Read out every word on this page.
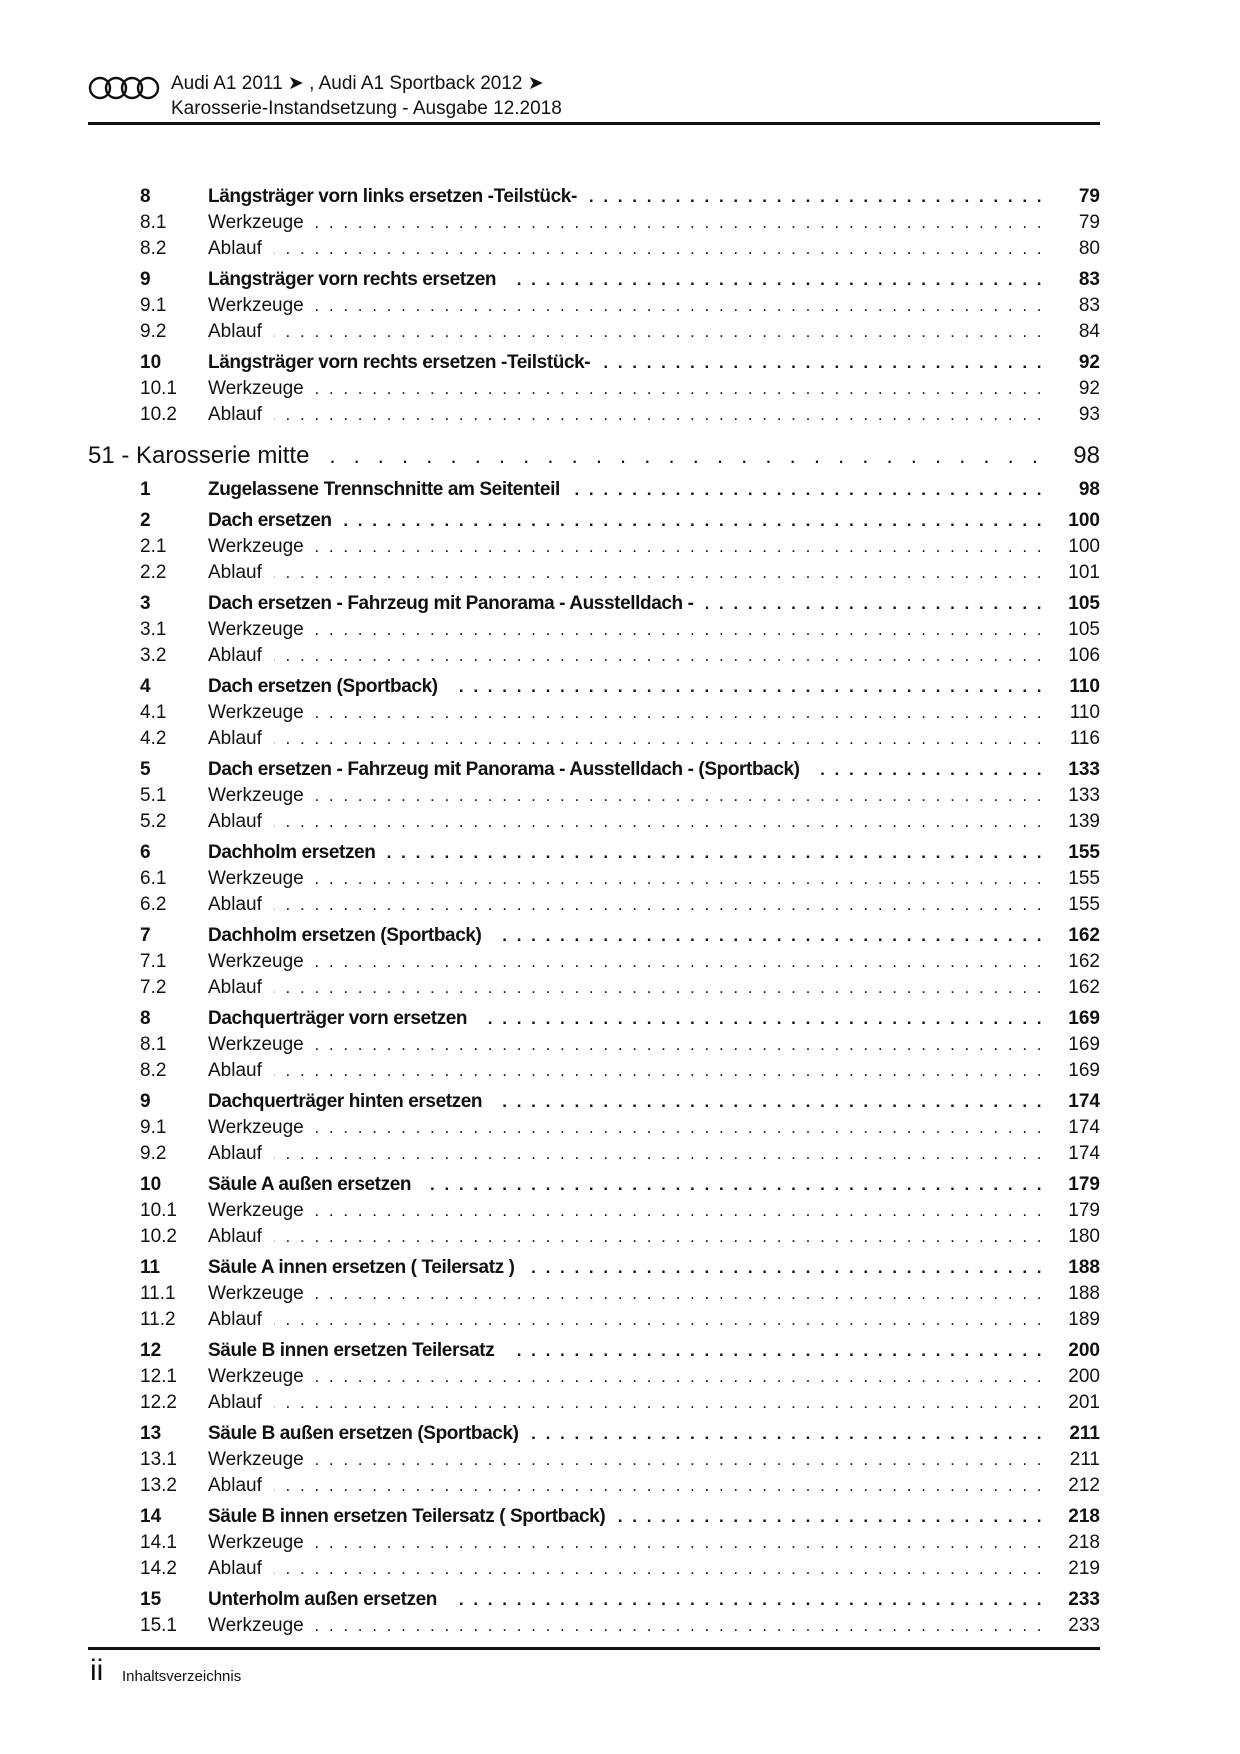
Audi A1 2011 ➤ , Audi A1 Sportback 2012 ➤
Karosserie-Instandsetzung - Ausgabe 12.2018
8	Längsträger vorn links ersetzen -Teilstück- . . .	79
8.1	Werkzeuge . . .	79
8.2	Ablauf . . .	80
9	Längsträger vorn rechts ersetzen . . .	83
9.1	Werkzeuge . . .	83
9.2	Ablauf . . .	84
10	Längsträger vorn rechts ersetzen -Teilstück- . . .	92
10.1	Werkzeuge . . .	92
10.2	Ablauf . . .	93
51 - Karosserie mitte . . .	98
1	Zugelassene Trennschnitte am Seitenteil . . .	98
2	Dach ersetzen . . .	100
2.1	Werkzeuge . . .	100
2.2	Ablauf . . .	101
3	Dach ersetzen - Fahrzeug mit Panorama - Ausstelldach - . . .	105
3.1	Werkzeuge . . .	105
3.2	Ablauf . . .	106
4	Dach ersetzen (Sportback) . . .	110
4.1	Werkzeuge . . .	110
4.2	Ablauf . . .	116
5	Dach ersetzen - Fahrzeug mit Panorama - Ausstelldach - (Sportback) . . .	133
5.1	Werkzeuge . . .	133
5.2	Ablauf . . .	139
6	Dachholm ersetzen . . .	155
6.1	Werkzeuge . . .	155
6.2	Ablauf . . .	155
7	Dachholm ersetzen (Sportback) . . .	162
7.1	Werkzeuge . . .	162
7.2	Ablauf . . .	162
8	Dachquerträger vorn ersetzen . . .	169
8.1	Werkzeuge . . .	169
8.2	Ablauf . . .	169
9	Dachquerträger hinten ersetzen . . .	174
9.1	Werkzeuge . . .	174
9.2	Ablauf . . .	174
10	Säule A außen ersetzen . . .	179
10.1	Werkzeuge . . .	179
10.2	Ablauf . . .	180
11	Säule A innen ersetzen ( Teilersatz ) . . .	188
11.1	Werkzeuge . . .	188
11.2	Ablauf . . .	189
12	Säule B innen ersetzen Teilersatz . . .	200
12.1	Werkzeuge . . .	200
12.2	Ablauf . . .	201
13	Säule B außen ersetzen (Sportback) . . .	211
13.1	Werkzeuge . . .	211
13.2	Ablauf . . .	212
14	Säule B innen ersetzen Teilersatz ( Sportback) . . .	218
14.1	Werkzeuge . . .	218
14.2	Ablauf . . .	219
15	Unterholm außen ersetzen . . .	233
15.1	Werkzeuge . . .	233
ii Inhaltsverzeichnis
